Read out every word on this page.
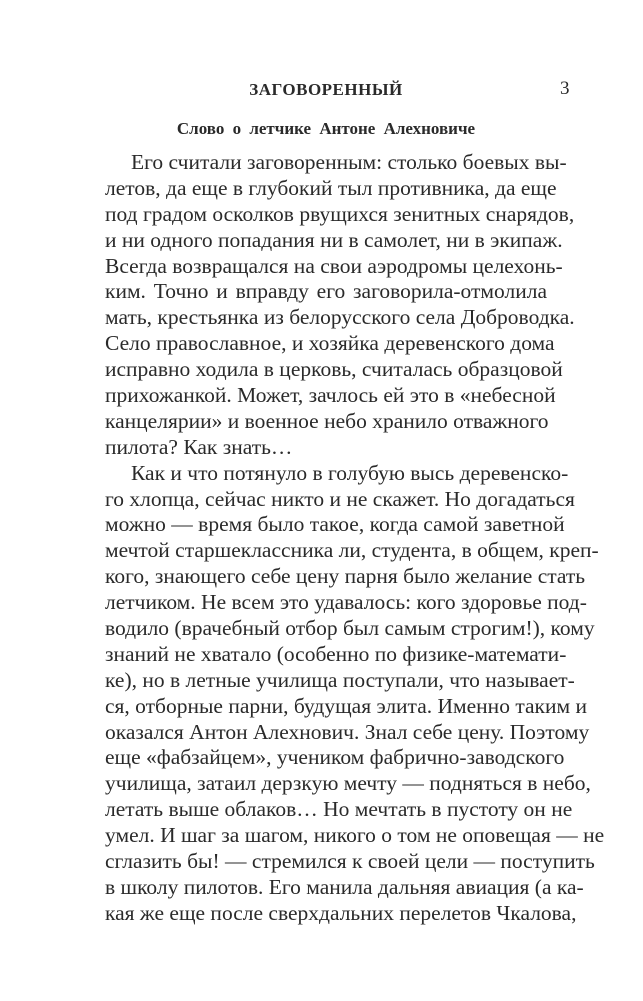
ЗАГОВОРЕННЫЙ	3
Слово о летчике Антоне Алехновиче
Его считали заговоренным: столько боевых вы-
летов, да еще в глубокий тыл противника, да еще
под градом осколков рвущихся зенитных снарядов,
и ни одного попадания ни в самолет, ни в экипаж.
Всегда возвращался на свои аэродромы целехонь-
ким. Точно и вправду его заговорила-отмолила
мать, крестьянка из белорусского села Доброводка.
Село православное, и хозяйка деревенского дома
исправно ходила в церковь, считалась образцовой
прихожанкой. Может, зачлось ей это в «небесной
канцелярии» и военное небо хранило отважного
пилота? Как знать…
Как и что потянуло в голубую высь деревенско-
го хлопца, сейчас никто и не скажет. Но догадаться
можно — время было такое, когда самой заветной
мечтой старшеклассника ли, студента, в общем, креп-
кого, знающего себе цену парня было желание стать
летчиком. Не всем это удавалось: кого здоровье под-
водило (врачебный отбор был самым строгим!), кому
знаний не хватало (особенно по физике-математи-
ке), но в летные училища поступали, что называет-
ся, отборные парни, будущая элита. Именно таким и
оказался Антон Алехнович. Знал себе цену. Поэтому
еще «фабзайцем», учеником фабрично-заводского
училища, затаил дерзкую мечту — подняться в небо,
летать выше облаков… Но мечтать в пустоту он не
умел. И шаг за шагом, никого о том не оповещая — не
сглазить бы! — стремился к своей цели — поступить
в школу пилотов. Его манила дальняя авиация (а ка-
кая же еще после сверхдальних перелетов Чкалова,
